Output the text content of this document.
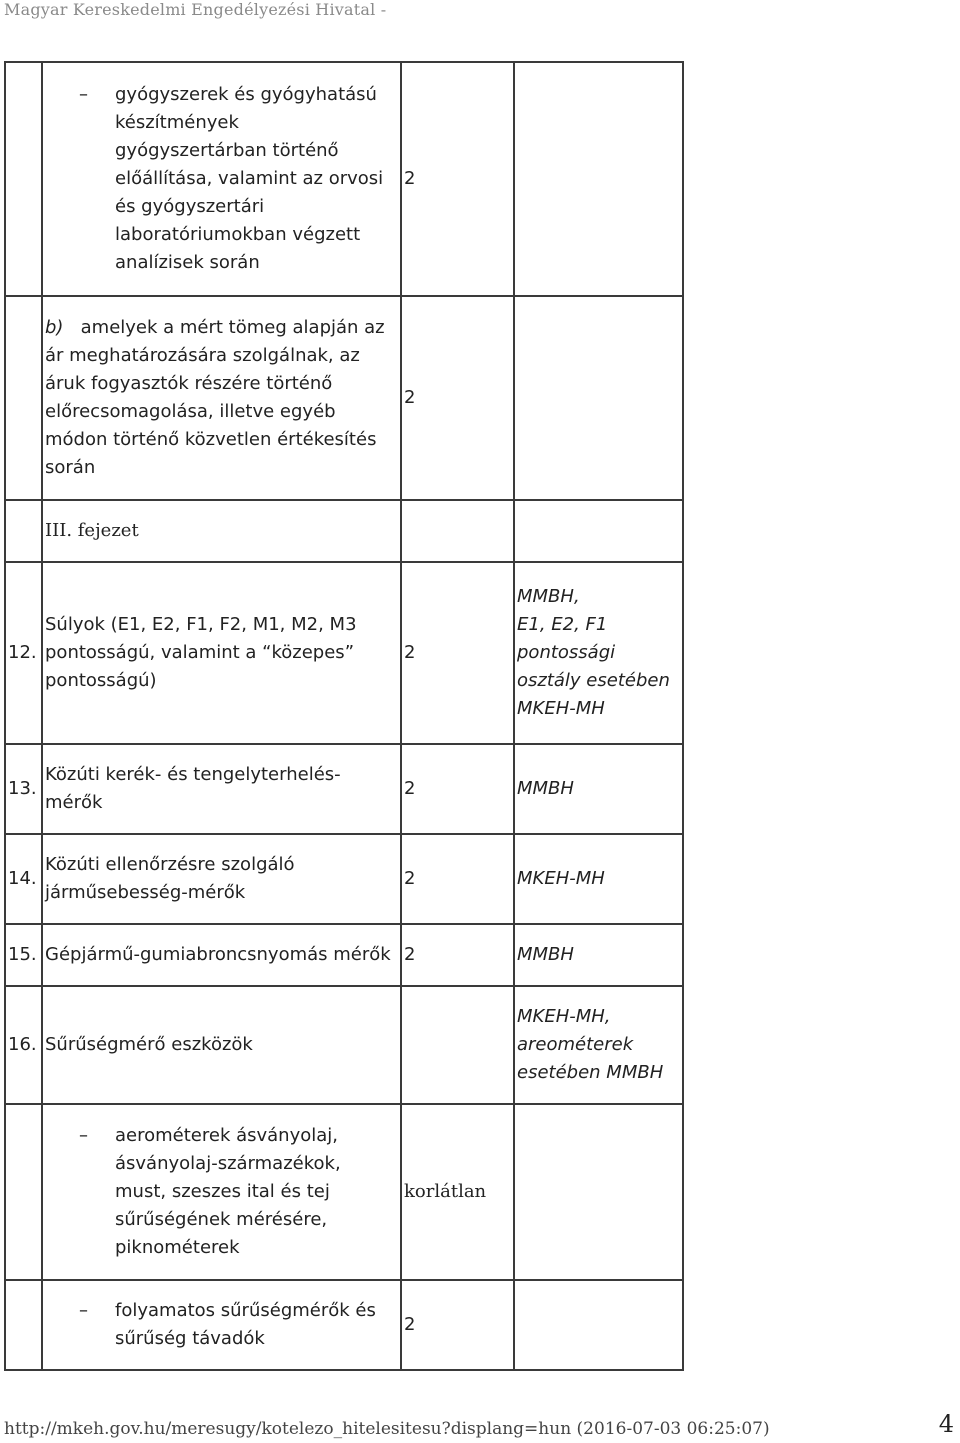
Magyar Kereskedelmi Engedélyezési Hivatal -

	– gyógyszerek és gyógyhatású készítmények gyógyszertárban történő előállítása, valamint az orvosi és gyógyszertári laboratóriumokban végzett analízisek során	2	

	b) amelyek a mért tömeg alapján az ár meghatározására szolgálnak, az áruk fogyasztók részére történő előrecsomagolása, illetve egyéb módon történő közvetlen értékesítés során	2	

	III. fejezet		

12.	Súlyok (E1, E2, F1, F2, M1, M2, M3 pontosságú, valamint a “közepes” pontosságú)	2	MMBH,
E1, E2, F1
pontossági
osztály esetében
MKEH-MH

13.	Közúti kerék- és tengelyterhelés-mérők	2	MMBH

14.	Közúti ellenőrzésre szolgáló járműsebesség-mérők	2	MKEH-MH

15.	Gépjármű-gumiabroncsnyomás mérők	2	MMBH

16.	Sűrűségmérő eszközök		MKEH-MH,
areométerek
esetében MMBH

	– aerométerek ásványolaj, ásványolaj-származékok, must, szeszes ital és tej sűrűségének mérésére, piknométerek	korlátlan	

	– folyamatos sűrűségmérők és sűrűség távadók	2	

http://mkeh.gov.hu/meresugy/kotelezo_hitelesitesu?displang=hun (2016-07-03 06:25:07)	4
